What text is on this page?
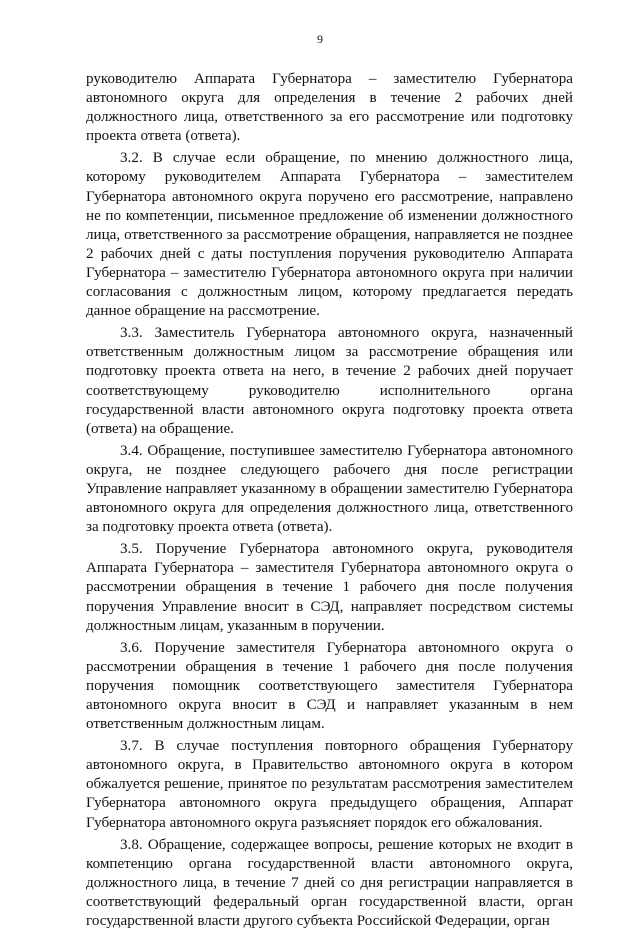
9

руководителю Аппарата Губернатора – заместителю Губернатора автономного округа для определения в течение 2 рабочих дней должностного лица, ответственного за его рассмотрение или подготовку проекта ответа (ответа).

3.2. В случае если обращение, по мнению должностного лица, которому руководителем Аппарата Губернатора – заместителем Губернатора автономного округа поручено его рассмотрение, направлено не по компетенции, письменное предложение об изменении должностного лица, ответственного за рассмотрение обращения, направляется не позднее 2 рабочих дней с даты поступления поручения руководителю Аппарата Губернатора – заместителю Губернатора автономного округа при наличии согласования с должностным лицом, которому предлагается передать данное обращение на рассмотрение.

3.3. Заместитель Губернатора автономного округа, назначенный ответственным должностным лицом за рассмотрение обращения или подготовку проекта ответа на него, в течение 2 рабочих дней поручает соответствующему руководителю исполнительного органа государственной власти автономного округа подготовку проекта ответа (ответа) на обращение.

3.4. Обращение, поступившее заместителю Губернатора автономного округа, не позднее следующего рабочего дня после регистрации Управление направляет указанному в обращении заместителю Губернатора автономного округа для определения должностного лица, ответственного за подготовку проекта ответа (ответа).

3.5. Поручение Губернатора автономного округа, руководителя Аппарата Губернатора – заместителя Губернатора автономного округа о рассмотрении обращения в течение 1 рабочего дня после получения поручения Управление вносит в СЭД, направляет посредством системы должностным лицам, указанным в поручении.

3.6. Поручение заместителя Губернатора автономного округа о рассмотрении обращения в течение 1 рабочего дня после получения поручения помощник соответствующего заместителя Губернатора автономного округа вносит в СЭД и направляет указанным в нем ответственным должностным лицам.

3.7. В случае поступления повторного обращения Губернатору автономного округа, в Правительство автономного округа в котором обжалуется решение, принятое по результатам рассмотрения заместителем Губернатора автономного округа предыдущего обращения, Аппарат Губернатора автономного округа разъясняет порядок его обжалования.

3.8. Обращение, содержащее вопросы, решение которых не входит в компетенцию органа государственной власти автономного округа, должностного лица, в течение 7 дней со дня регистрации направляется в соответствующий федеральный орган государственной власти, орган государственной власти другого субъекта Российской Федерации, орган
